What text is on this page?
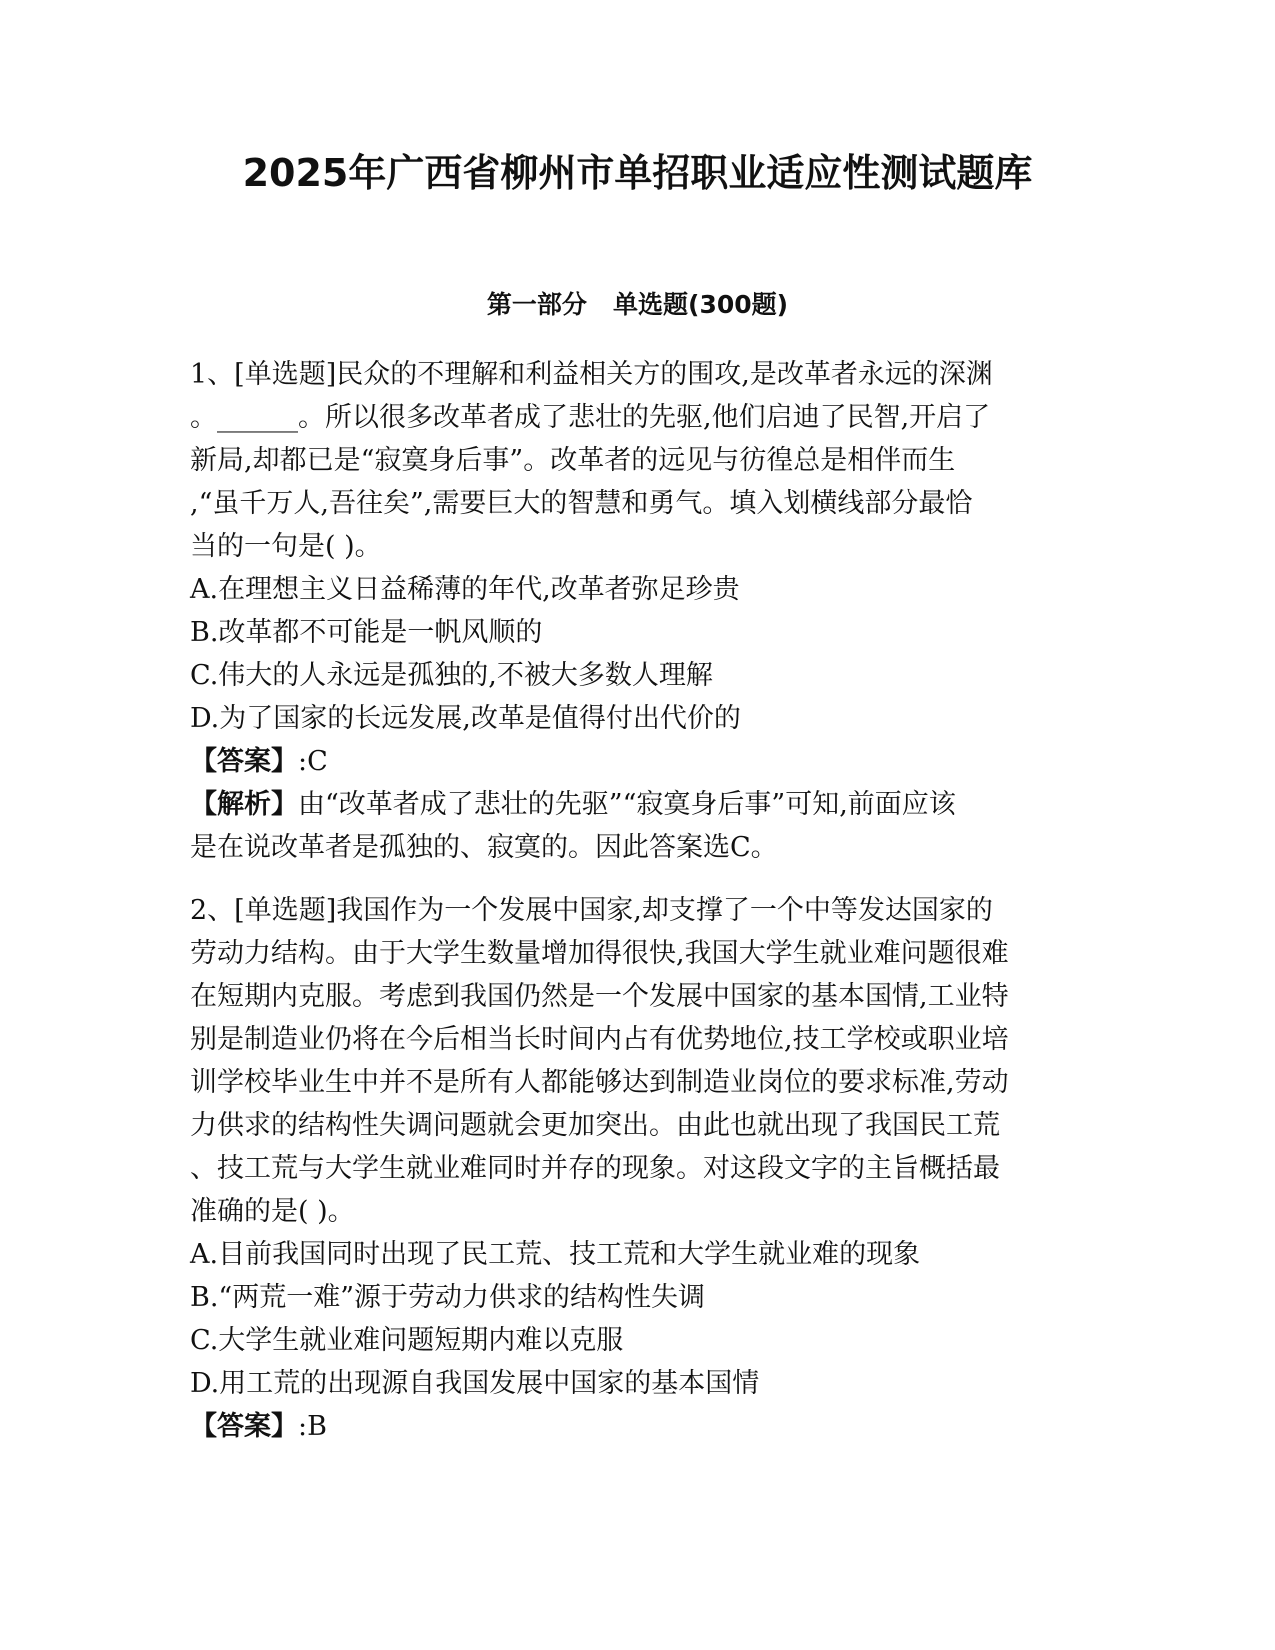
2025年广西省柳州市单招职业适应性测试题库
第一部分   单选题(300题)
1、[单选题]民众的不理解和利益相关方的围攻,是改革者永远的深渊
。______。所以很多改革者成了悲壮的先驱,他们启迪了民智,开启了
新局,却都已是“寂寞身后事”。改革者的远见与彷徨总是相伴而生
,“虽千万人,吾往矣”,需要巨大的智慧和勇气。填入划横线部分最恰
当的一句是( )。
A.在理想主义日益稀薄的年代,改革者弥足珍贵
B.改革都不可能是一帆风顺的
C.伟大的人永远是孤独的,不被大多数人理解
D.为了国家的长远发展,改革是值得付出代价的
【答案】:C
【解析】由“改革者成了悲壮的先驱”“寂寞身后事”可知,前面应该
是在说改革者是孤独的、寂寞的。因此答案选C。
2、[单选题]我国作为一个发展中国家,却支撑了一个中等发达国家的
劳动力结构。由于大学生数量增加得很快,我国大学生就业难问题很难
在短期内克服。考虑到我国仍然是一个发展中国家的基本国情,工业特
别是制造业仍将在今后相当长时间内占有优势地位,技工学校或职业培
训学校毕业生中并不是所有人都能够达到制造业岗位的要求标准,劳动
力供求的结构性失调问题就会更加突出。由此也就出现了我国民工荒
、技工荒与大学生就业难同时并存的现象。对这段文字的主旨概括最
准确的是( )。
A.目前我国同时出现了民工荒、技工荒和大学生就业难的现象
B.“两荒一难”源于劳动力供求的结构性失调
C.大学生就业难问题短期内难以克服
D.用工荒的出现源自我国发展中国家的基本国情
【答案】:B
